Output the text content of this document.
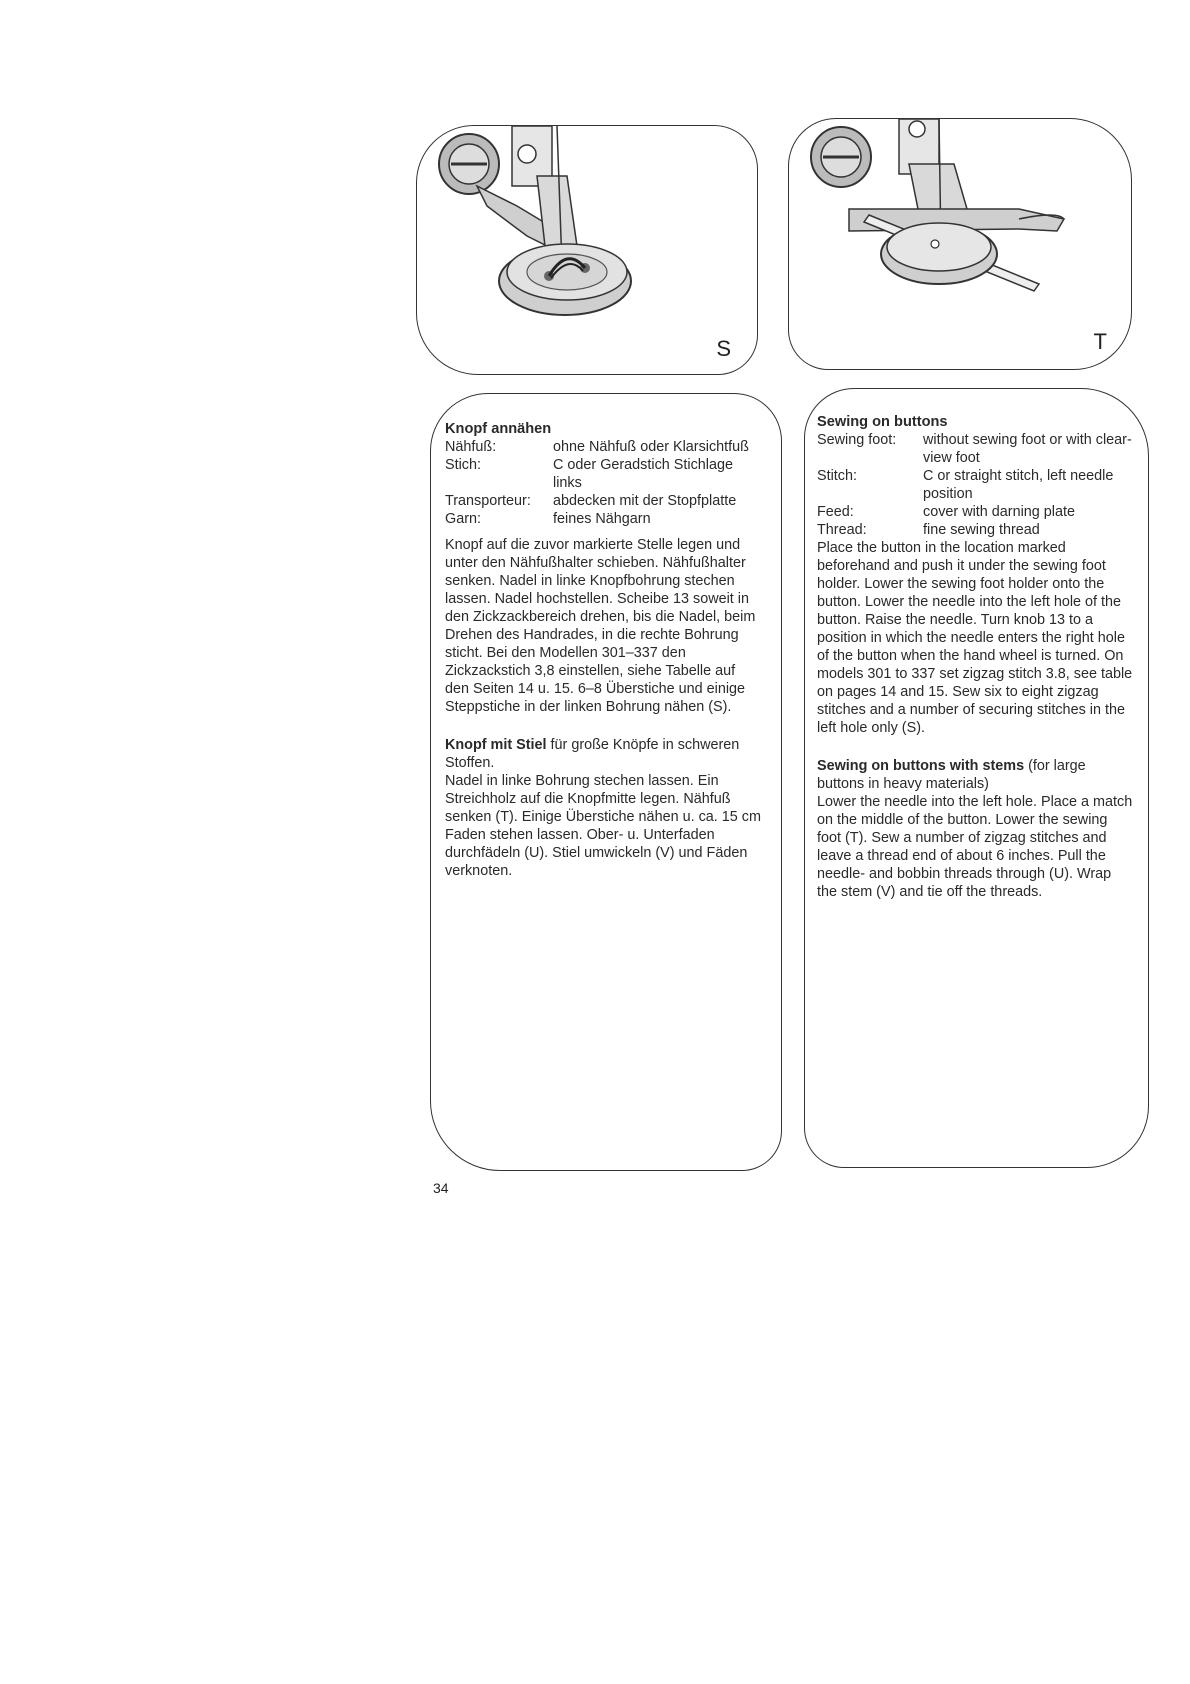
S	T

Knopf annähen

Nähfuß:	ohne Nähfuß oder Klarsichtfuß

Stich:	C oder Geradstich Stichlage links

Transporteur:	abdecken mit der Stopfplatte

Garn:	feines Nähgarn

Knopf auf die zuvor markierte Stelle legen und unter den Nähfußhalter schieben. Nähfußhalter senken. Nadel in linke Knopfbohrung stechen lassen. Nadel hochstellen. Scheibe 13 soweit in den Zickzackbereich drehen, bis die Nadel, beim Drehen des Handrades, in die rechte Bohrung sticht. Bei den Modellen 301–337 den Zickzackstich 3,8 einstellen, siehe Tabelle auf den Seiten 14 u. 15. 6–8 Überstiche und einige Steppstiche in der linken Bohrung nähen (S).

Knopf mit Stiel für große Knöpfe in schweren Stoffen.

Nadel in linke Bohrung stechen lassen. Ein Streichholz auf die Knopfmitte legen. Nähfuß senken (T). Einige Überstiche nähen u. ca. 15 cm Faden stehen lassen. Ober- u. Unterfaden durchfädeln (U). Stiel umwickeln (V) und Fäden verknoten.

Sewing on buttons

Sewing foot:	without sewing foot or with clear-view foot

Stitch:	C or straight stitch, left needle position

Feed:	cover with darning plate

Thread:	fine sewing thread

Place the button in the location marked beforehand and push it under the sewing foot holder. Lower the sewing foot holder onto the button. Lower the needle into the left hole of the button. Raise the needle. Turn knob 13 to a position in which the needle enters the right hole of the button when the hand wheel is turned. On models 301 to 337 set zigzag stitch 3.8, see table on pages 14 and 15. Sew six to eight zigzag stitches and a number of securing stitches in the left hole only (S).

Sewing on buttons with stems (for large buttons in heavy materials)

Lower the needle into the left hole. Place a match on the middle of the button. Lower the sewing foot (T). Sew a number of zigzag stitches and leave a thread end of about 6 inches. Pull the needle- and bobbin threads through (U). Wrap the stem (V) and tie off the threads.

34
